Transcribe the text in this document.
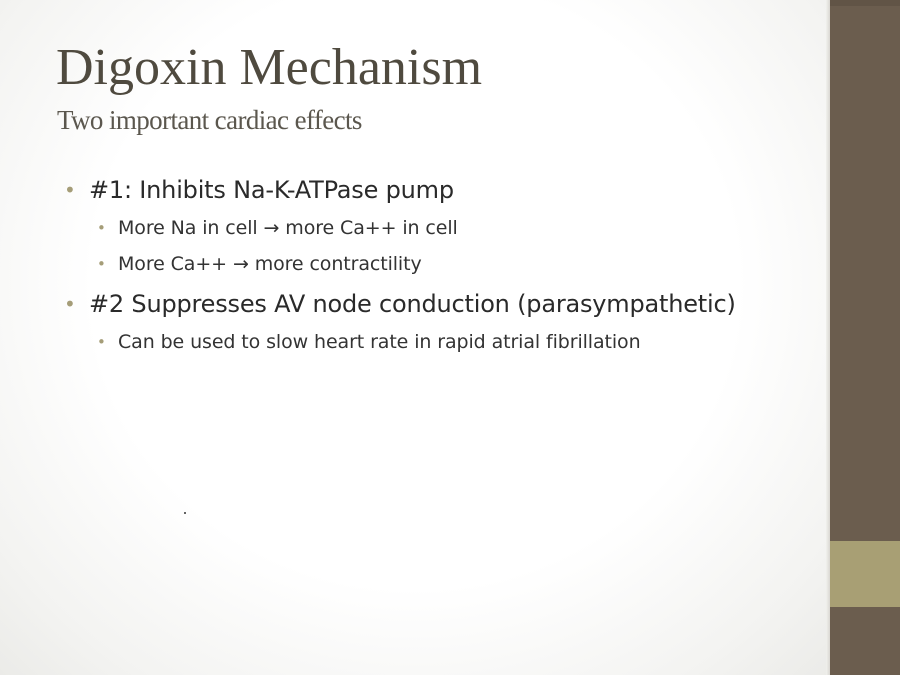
Digoxin Mechanism
Two important cardiac effects
• #1: Inhibits Na-K-ATPase pump
• More Na in cell → more Ca++ in cell
• More Ca++ → more contractility
• #2 Suppresses AV node conduction (parasympathetic)
• Can be used to slow heart rate in rapid atrial fibrillation
